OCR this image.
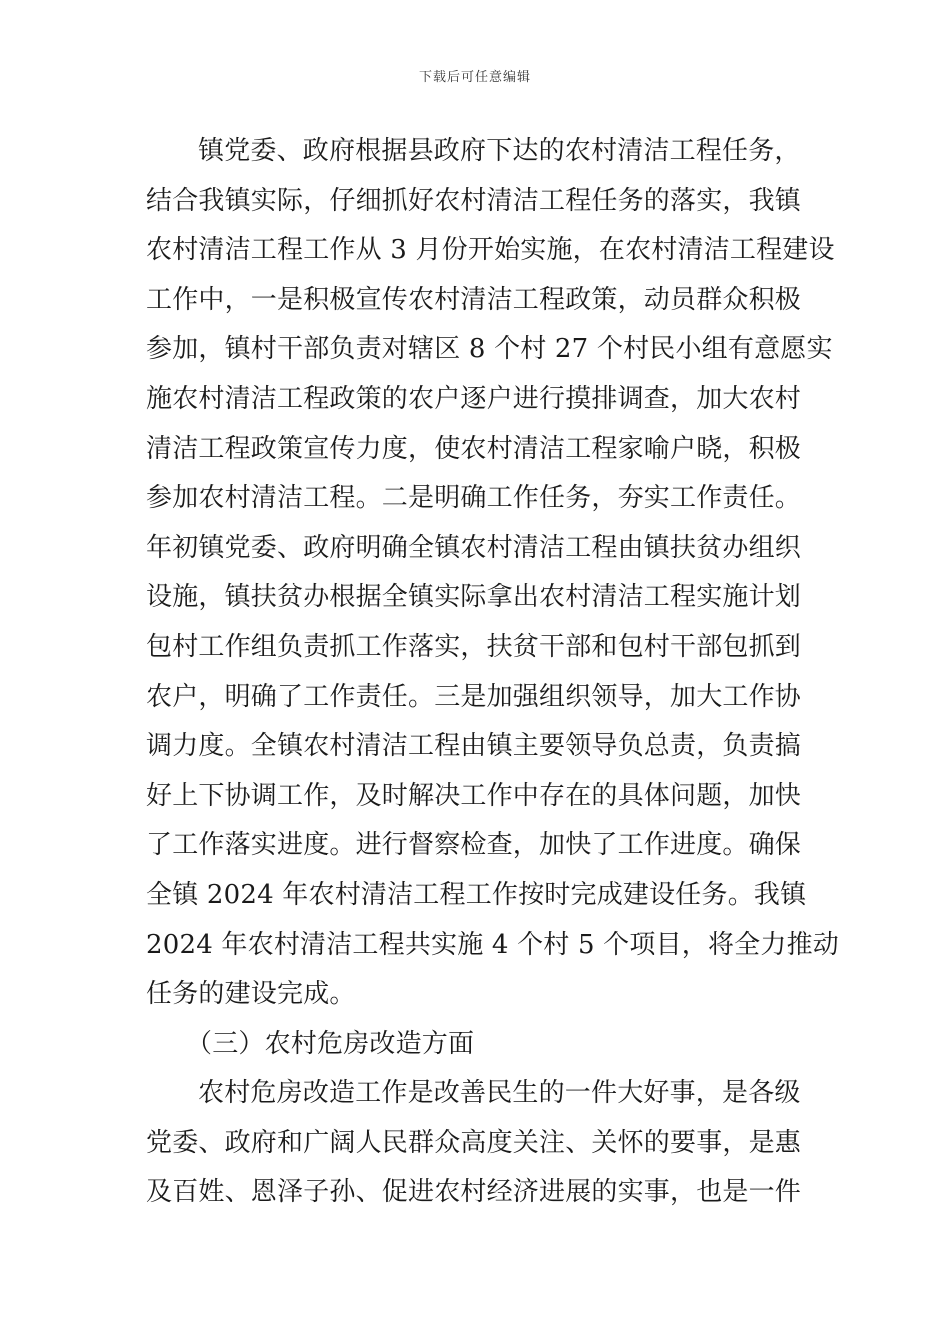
下载后可任意编辑
镇党委、政府根据县政府下达的农村清洁工程任务，
结合我镇实际，仔细抓好农村清洁工程任务的落实，我镇
农村清洁工程工作从 3 月份开始实施，在农村清洁工程建设
工作中，一是积极宣传农村清洁工程政策，动员群众积极
参加，镇村干部负责对辖区 8 个村 27 个村民小组有意愿实
施农村清洁工程政策的农户逐户进行摸排调查，加大农村
清洁工程政策宣传力度，使农村清洁工程家喻户晓，积极
参加农村清洁工程。二是明确工作任务，夯实工作责任。
年初镇党委、政府明确全镇农村清洁工程由镇扶贫办组织
设施，镇扶贫办根据全镇实际拿出农村清洁工程实施计划
包村工作组负责抓工作落实，扶贫干部和包村干部包抓到
农户，明确了工作责任。三是加强组织领导，加大工作协
调力度。全镇农村清洁工程由镇主要领导负总责，负责搞
好上下协调工作，及时解决工作中存在的具体问题，加快
了工作落实进度。进行督察检查，加快了工作进度。确保
全镇 2024 年农村清洁工程工作按时完成建设任务。我镇
2024 年农村清洁工程共实施 4 个村 5 个项目，将全力推动
任务的建设完成。
（三）农村危房改造方面
农村危房改造工作是改善民生的一件大好事，是各级
党委、政府和广阔人民群众高度关注、关怀的要事，是惠
及百姓、恩泽子孙、促进农村经济进展的实事，也是一件
